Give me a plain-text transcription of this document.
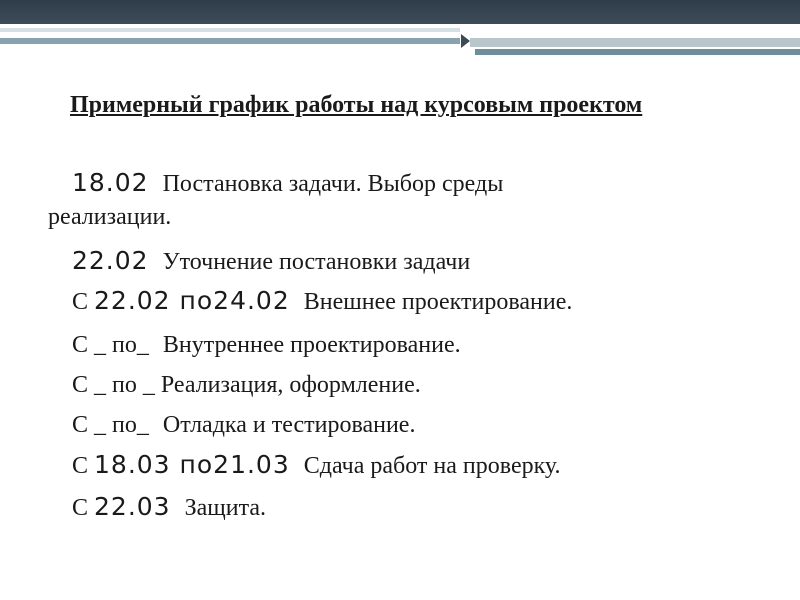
Примерный график работы над курсовым проектом

18.02 Постановка задачи. Выбор среды

реализации.

22.02 Уточнение постановки задачи

С 22.02 по24.02 Внешнее проектирование.

С _ по_ Внутреннее проектирование.

С _ по _ Реализация, оформление.

С _ по_ Отладка и тестирование.

С 18.03 по21.03 Сдача работ на проверку.

С 22.03 Защита.
